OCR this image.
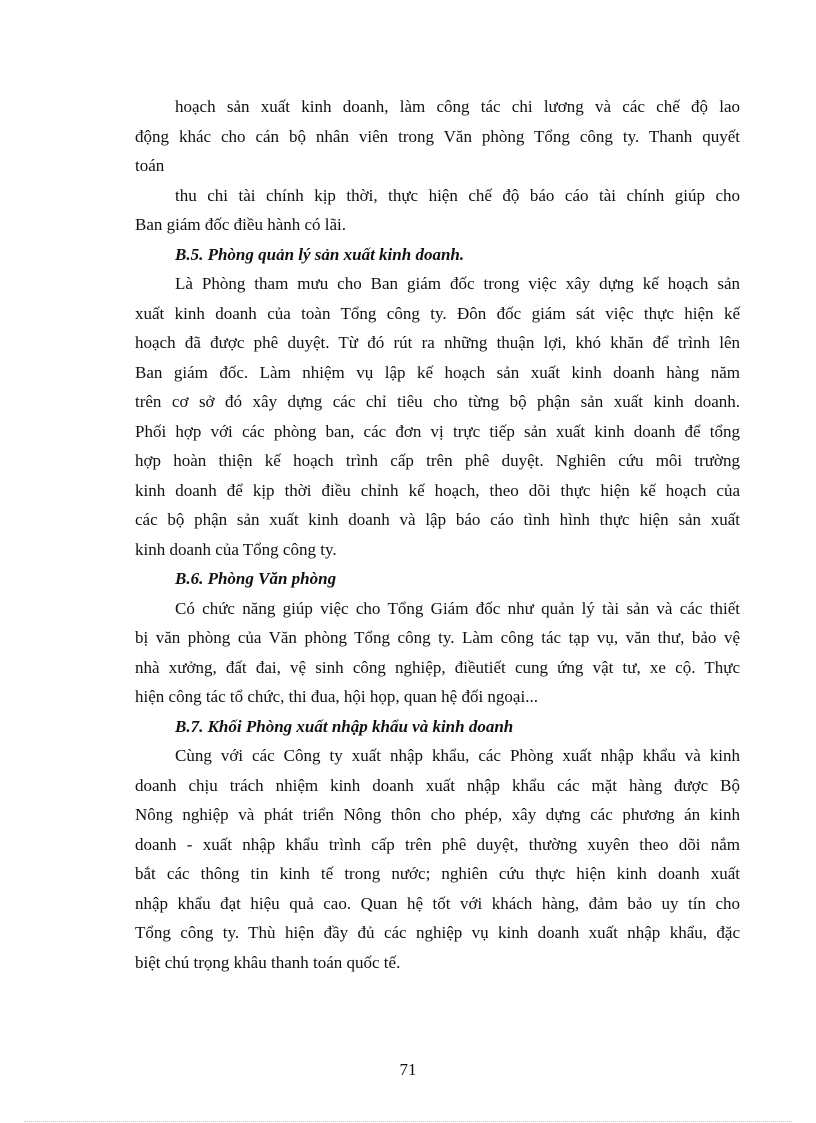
hoạch sản xuất kinh doanh, làm công tác chi lương và các chế độ lao
động khác cho cán bộ nhân viên trong Văn phòng Tổng công ty. Thanh quyết
toán
thu chi tài chính kịp thời, thực hiện chế độ báo cáo tài chính giúp cho
Ban giám đốc điều hành có lãi.
B.5. Phòng quản lý sản xuất kinh doanh.
Là Phòng tham mưu cho Ban giám đốc trong việc xây dựng kế hoạch sản
xuất kinh doanh của toàn Tổng công ty. Đôn đốc giám sát việc thực hiện kế
hoạch đã được phê duyệt. Từ đó rút ra những thuận lợi, khó khăn để trình lên
Ban giám đốc. Làm nhiệm vụ lập kế hoạch sản xuất kinh doanh hàng năm
trên cơ sở đó xây dựng các chỉ tiêu cho từng bộ phận sản xuất kinh doanh.
Phối hợp với các phòng ban, các đơn vị trực tiếp sản xuất kinh doanh để tổng
hợp hoàn thiện kế hoạch trình cấp trên phê duyệt. Nghiên cứu môi trường
kinh doanh để kịp thời điều chỉnh kế hoạch, theo dõi thực hiện kế hoạch của
các bộ phận sản xuất kinh doanh và lập báo cáo tình hình thực hiện sản xuất
kinh doanh của Tổng công ty.
B.6. Phòng Văn phòng
Có chức năng giúp việc cho Tổng Giám đốc như quản lý tài sản và các thiết
bị văn phòng của Văn phòng Tổng công ty. Làm công tác tạp vụ, văn thư, bảo vệ
nhà xưởng, đất đai, vệ sinh công nghiệp, điềutiết cung ứng vật tư, xe cộ. Thực
hiện công tác tổ chức, thi đua, hội họp, quan hệ đối ngoại...
B.7. Khối Phòng xuất nhập khẩu và kinh doanh
Cùng với các Công ty xuất nhập khẩu, các Phòng xuất nhập khẩu và kinh
doanh chịu trách nhiệm kinh doanh xuất nhập khẩu các mặt hàng được Bộ
Nông nghiệp và phát triển Nông thôn cho phép, xây dựng các phương án kinh
doanh - xuất nhập khẩu trình cấp trên phê duyệt, thường xuyên theo dõi nắm
bắt các thông tin kinh tế trong nước; nghiên cứu thực hiện kinh doanh xuất
nhập khẩu đạt hiệu quả cao. Quan hệ tốt với khách hàng, đảm bảo uy tín cho
Tổng công ty. Thù hiện đầy đủ các nghiệp vụ kinh doanh xuất nhập khẩu, đặc
biệt chú trọng khâu thanh toán quốc tế.
71
